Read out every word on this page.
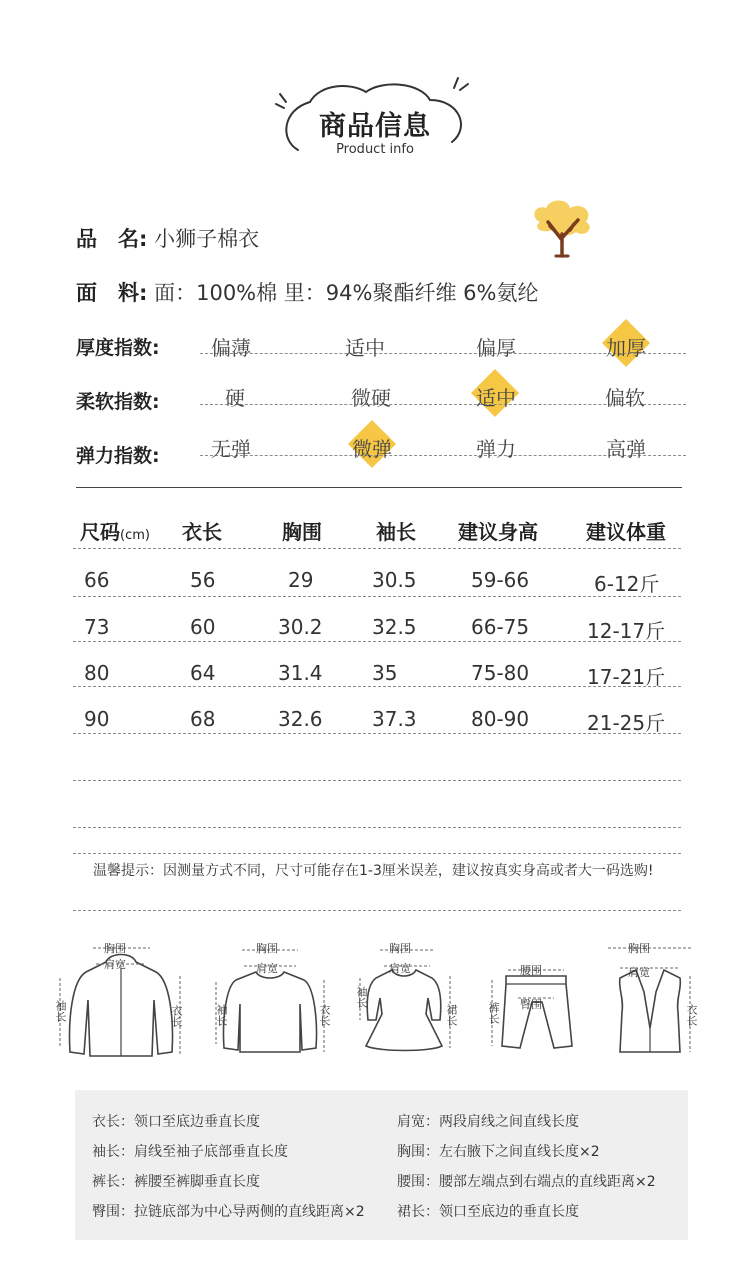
商品信息
Product info
品　名: 小狮子棉衣
面　料: 面：100%棉 里：94%聚酯纤维 6%氨纶
厚度指数:	偏薄	适中	偏厚	加厚
柔软指数:	硬	微硬	适中	偏软
弹力指数:	无弹	微弹	弹力	高弹
尺码(cm) 衣长	胸围	袖长 建议身高 建议体重
66	56	29	30.5	59-66	6-12斤
73	60	30.2 32.5	66-75	12-17斤
80	64	31.4 35	75-80	17-21斤
90	68	32.6 37.3	80-90	21-25斤
温馨提示：因测量方式不同，尺寸可能存在1-3厘米误差，建议按真实身高或者大一码选购!
胸围
肩宽
袖长	衣长
胸围
肩宽
袖长	衣长
胸围
肩宽
袖长
裙长
腰围
裤长 臀围
胸围
肩宽
衣长
衣长：领口至底边垂直长度	肩宽：两段肩线之间直线长度
袖长：肩线至袖子底部垂直长度	胸围：左右腋下之间直线长度×2
裤长：裤腰至裤脚垂直长度	腰围：腰部左端点到右端点的直线距离×2
臀围：拉链底部为中心导两侧的直线距离×2 裙长：领口至底边的垂直长度
